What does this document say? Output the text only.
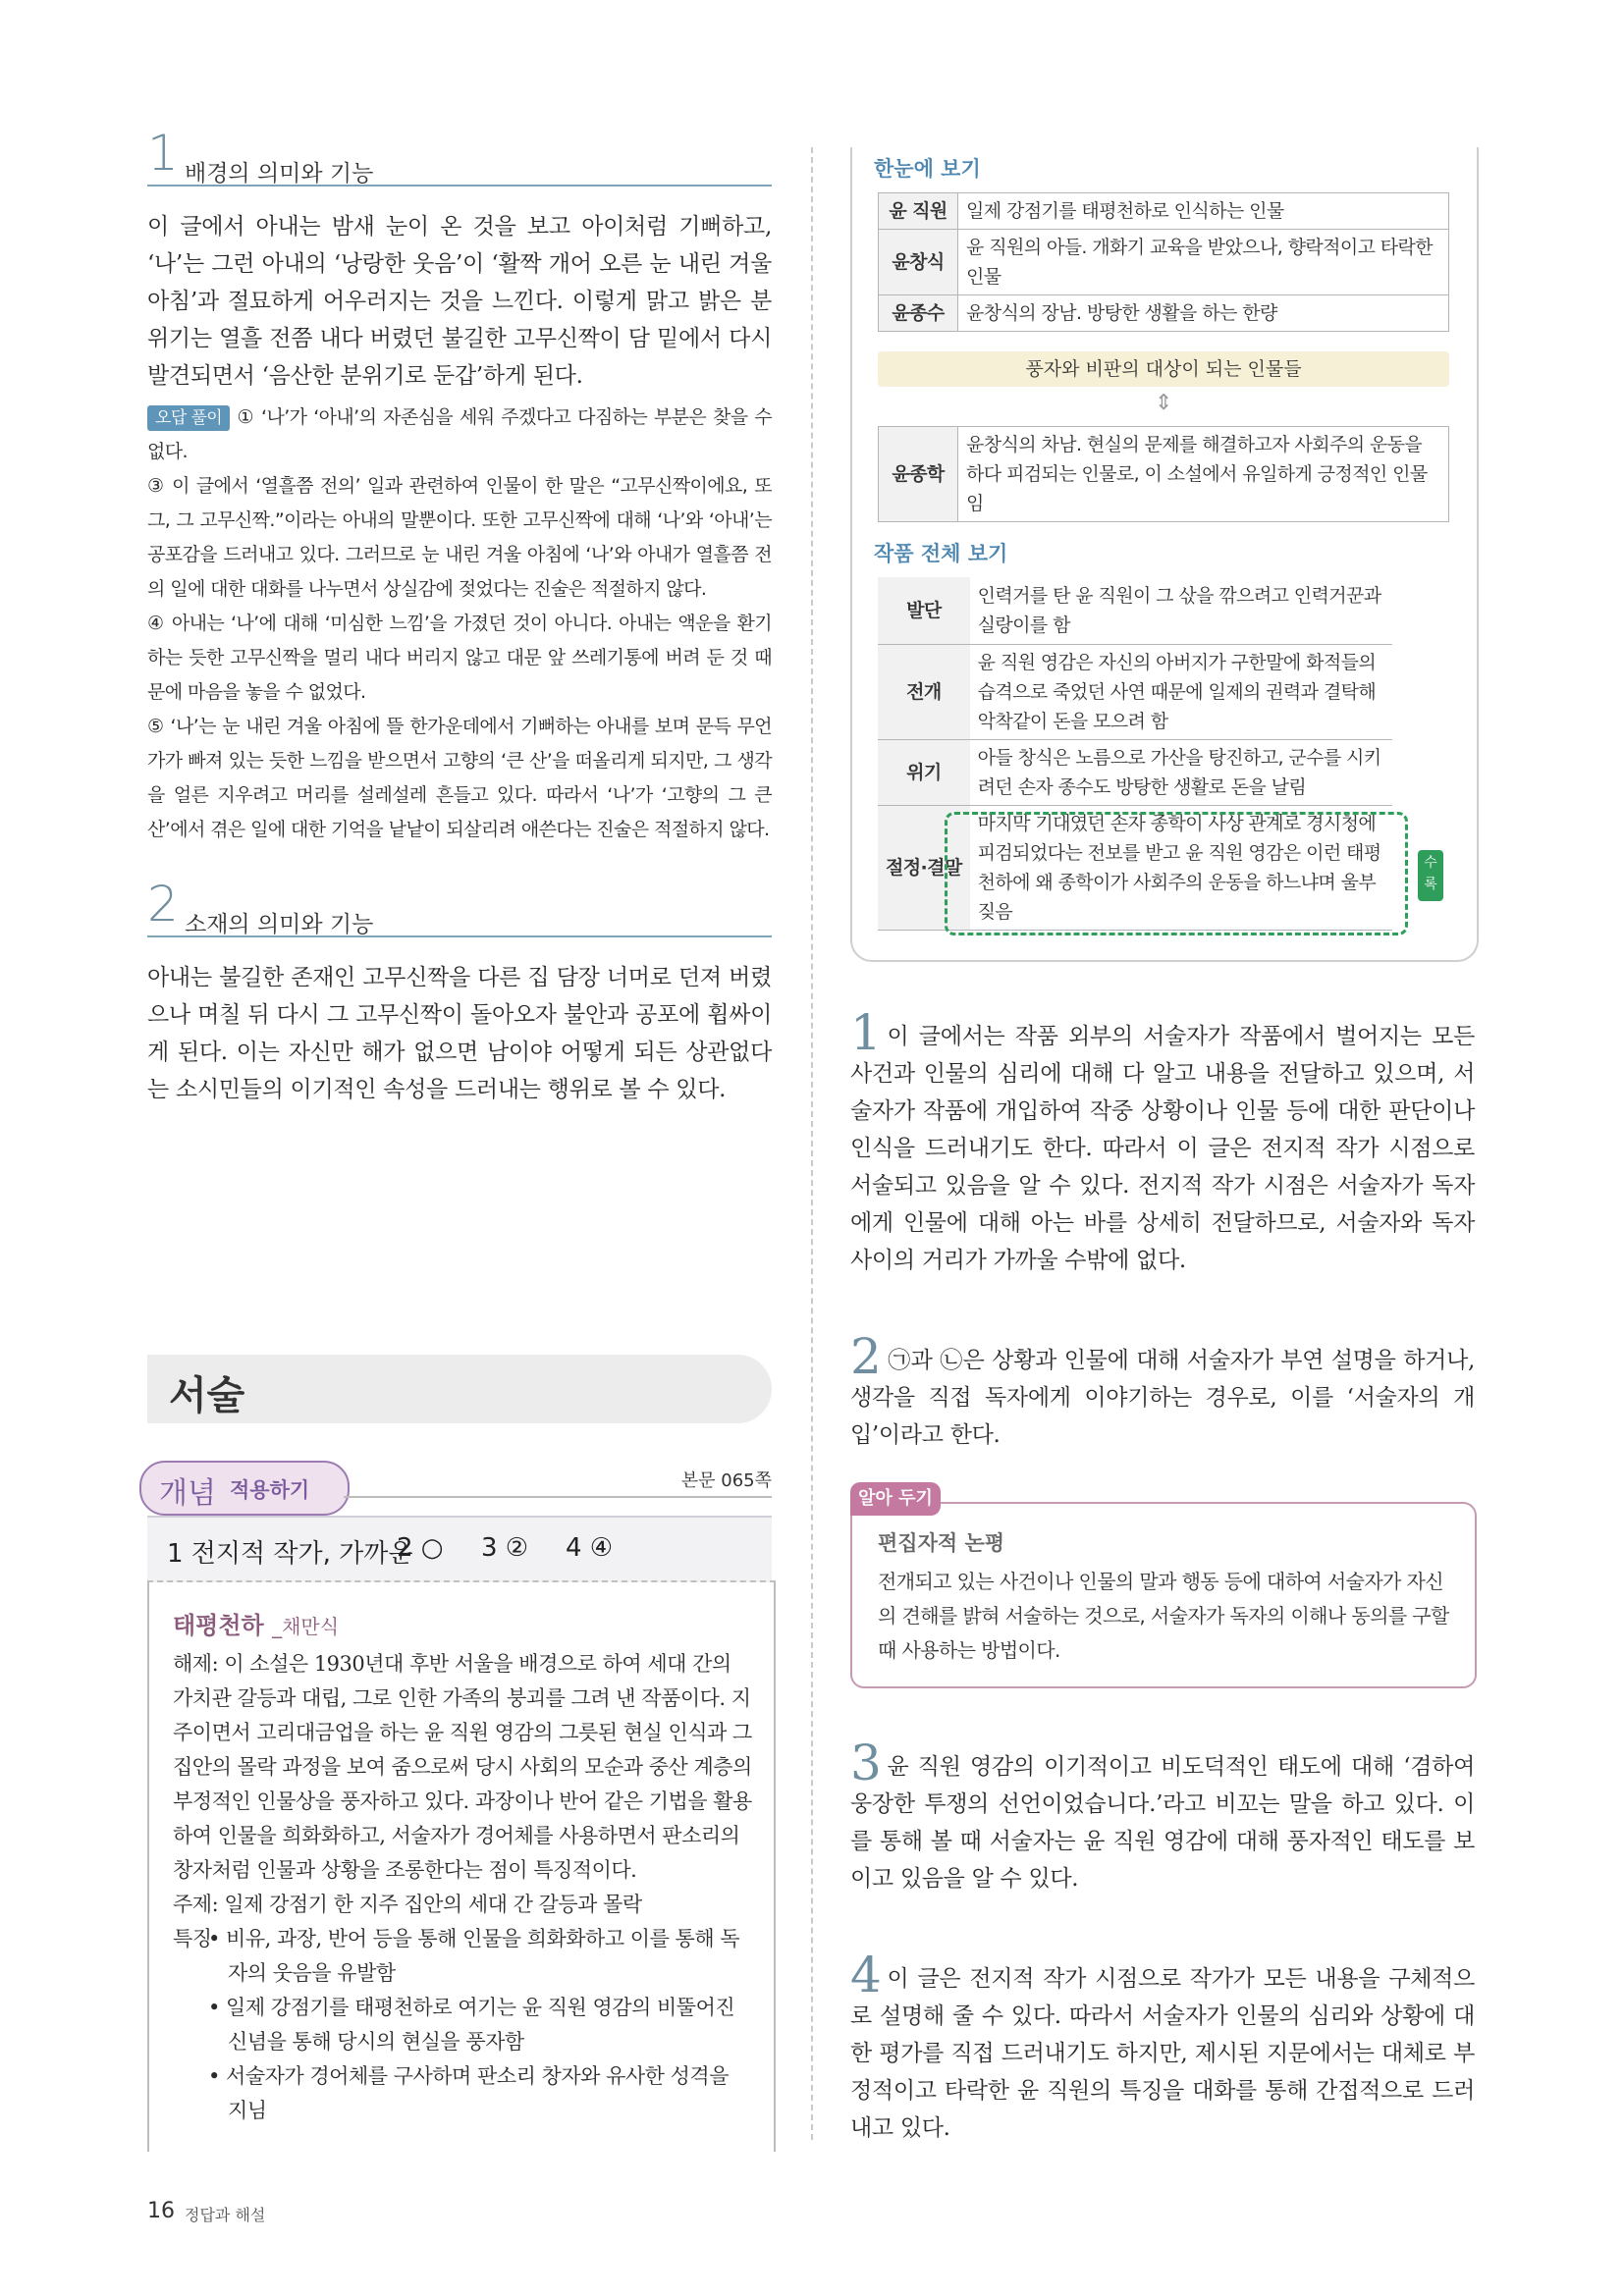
1 배경의 의미와 기능
이 글에서 아내는 밤새 눈이 온 것을 보고 아이처럼 기뻐하고, ‘나’는 그런 아내의 ‘낭랑한 웃음’이 ‘활짝 개어 오른 눈 내린 겨울 아침’과 절묘하게 어우러지는 것을 느낀다. 이렇게 맑고 밝은 분위기는 열흘 전쯤 내다 버렸던 불길한 고무신짝이 담 밑에서 다시 발견되면서 ‘음산한 분위기로 둔갑’하게 된다.
오답 풀이 ① ‘나’가 ‘아내’의 자존심을 세워 주겠다고 다짐하는 부분은 찾을 수 없다.
③ 이 글에서 ‘열흘쯤 전의’ 일과 관련하여 인물이 한 말은 “고무신짝이에요, 또 그, 그 고무신짝.”이라는 아내의 말뿐이다. 또한 고무신짝에 대해 ‘나’와 ‘아내’는 공포감을 드러내고 있다. 그러므로 눈 내린 겨울 아침에 ‘나’와 아내가 열흘쯤 전의 일에 대한 대화를 나누면서 상실감에 젖었다는 진술은 적절하지 않다.
④ 아내는 ‘나’에 대해 ‘미심한 느낌’을 가졌던 것이 아니다. 아내는 액운을 환기하는 듯한 고무신짝을 멀리 내다 버리지 않고 대문 앞 쓰레기통에 버려 둔 것 때문에 마음을 놓을 수 없었다.
⑤ ‘나’는 눈 내린 겨울 아침에 뜰 한가운데에서 기뻐하는 아내를 보며 문득 무언가가 빠져 있는 듯한 느낌을 받으면서 고향의 ‘큰 산’을 떠올리게 되지만, 그 생각을 얼른 지우려고 머리를 설레설레 흔들고 있다. 따라서 ‘나’가 ‘고향의 그 큰 산’에서 겪은 일에 대한 기억을 낱낱이 되살리려 애쓴다는 진술은 적절하지 않다.
2 소재의 의미와 기능
아내는 불길한 존재인 고무신짝을 다른 집 담장 너머로 던져 버렸으나 며칠 뒤 다시 그 고무신짝이 돌아오자 불안과 공포에 휩싸이게 된다. 이는 자신만 해가 없으면 남이야 어떻게 되든 상관없다는 소시민들의 이기적인 속성을 드러내는 행위로 볼 수 있다.
서술
개념 적용하기	본문 065쪽
1 전지적 작가, 가까운
2 ○ 3 ② 4 ④
태평천하 _채만식
해제: 이 소설은 1930년대 후반 서울을 배경으로 하여 세대 간의 가치관 갈등과 대립, 그로 인한 가족의 붕괴를 그려 낸 작품이다. 지주이면서 고리대금업을 하는 윤 직원 영감의 그릇된 현실 인식과 그 집안의 몰락 과정을 보여 줌으로써 당시 사회의 모순과 중산 계층의 부정적인 인물상을 풍자하고 있다. 과장이나 반어 같은 기법을 활용하여 인물을 희화화하고, 서술자가 경어체를 사용하면서 판소리의 창자처럼 인물과 상황을 조롱한다는 점이 특징적이다.
주제: 일제 강점기 한 지주 집안의 세대 간 갈등과 몰락
특징
• 비유, 과장, 반어 등을 통해 인물을 희화화하고 이를 통해 독자의 웃음을 유발함
• 일제 강점기를 태평천하로 여기는 윤 직원 영감의 비뚤어진 신념을 통해 당시의 현실을 풍자함
• 서술자가 경어체를 구사하며 판소리 창자와 유사한 성격을 지님
한눈에 보기
윤 직원	일제 강점기를 태평천하로 인식하는 인물
윤창식	윤 직원의 아들. 개화기 교육을 받았으나, 향락적이고 타락한 인물
윤종수	윤창식의 장남. 방탕한 생활을 하는 한량
풍자와 비판의 대상이 되는 인물들
⇕
윤종학	윤창식의 차남. 현실의 문제를 해결하고자 사회주의 운동을 하다 피검되는 인물로, 이 소설에서 유일하게 긍정적인 인물임
작품 전체 보기
발단	인력거를 탄 윤 직원이 그 삯을 깎으려고 인력거꾼과 실랑이를 함
전개	윤 직원 영감은 자신의 아버지가 구한말에 화적들의 습격으로 죽었던 사연 때문에 일제의 권력과 결탁해 악착같이 돈을 모으려 함
위기	아들 창식은 노름으로 가산을 탕진하고, 군수를 시키려던 손자 종수도 방탕한 생활로 돈을 날림
절정·결말	마지막 기대였던 손자 종학이 사상 관계로 경시청에 피검되었다는 전보를 받고 윤 직원 영감은 이런 태평천하에 왜 종학이가 사회주의 운동을 하느냐며 울부짖음
수록
1 이 글에서는 작품 외부의 서술자가 작품에서 벌어지는 모든 사건과 인물의 심리에 대해 다 알고 내용을 전달하고 있으며, 서술자가 작품에 개입하여 작중 상황이나 인물 등에 대한 판단이나 인식을 드러내기도 한다. 따라서 이 글은 전지적 작가 시점으로 서술되고 있음을 알 수 있다. 전지적 작가 시점은 서술자가 독자에게 인물에 대해 아는 바를 상세히 전달하므로, 서술자와 독자 사이의 거리가 가까울 수밖에 없다.
2 ㉠과 ㉡은 상황과 인물에 대해 서술자가 부연 설명을 하거나, 생각을 직접 독자에게 이야기하는 경우로, 이를 ‘서술자의 개입’이라고 한다.
알아 두기
편집자적 논평
전개되고 있는 사건이나 인물의 말과 행동 등에 대하여 서술자가 자신의 견해를 밝혀 서술하는 것으로, 서술자가 독자의 이해나 동의를 구할 때 사용하는 방법이다.
3 윤 직원 영감의 이기적이고 비도덕적인 태도에 대해 ‘겸하여 웅장한 투쟁의 선언이었습니다.’라고 비꼬는 말을 하고 있다. 이를 통해 볼 때 서술자는 윤 직원 영감에 대해 풍자적인 태도를 보이고 있음을 알 수 있다.
4 이 글은 전지적 작가 시점으로 작가가 모든 내용을 구체적으로 설명해 줄 수 있다. 따라서 서술자가 인물의 심리와 상황에 대한 평가를 직접 드러내기도 하지만, 제시된 지문에서는 대체로 부정적이고 타락한 윤 직원의 특징을 대화를 통해 간접적으로 드러내고 있다.
16 정답과 해설
